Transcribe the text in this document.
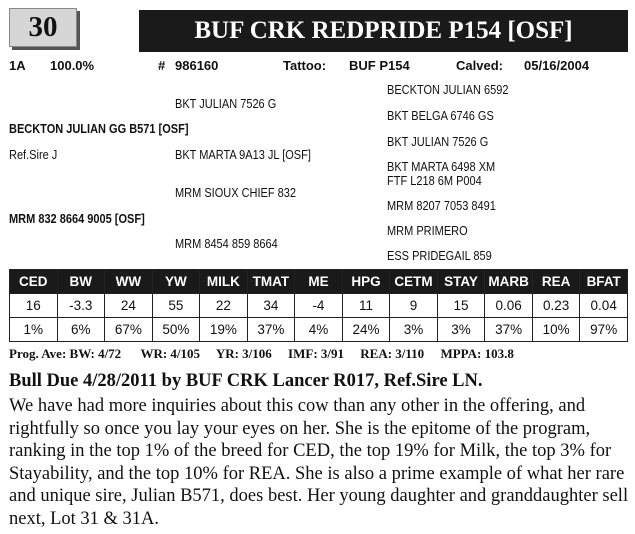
30	BUF CRK REDPRIDE P154 [OSF]
1A 100.0%	# 986160	Tattoo: BUF P154	Calved: 05/16/2004
BECKTON JULIAN 6592
BKT JULIAN 7526 G
BKT BELGA 6746 GS
BECKTON JULIAN GG B571 [OSF]
BKT JULIAN 7526 G
Ref.Sire J	BKT MARTA 9A13 JL [OSF]
BKT MARTA 6498 XM
FTF L218 6M P004
MRM SIOUX CHIEF 832
MRM 8207 7053 8491
MRM 832 8664 9005 [OSF]
MRM PRIMERO
MRM 8454 859 8664
ESS PRIDEGAIL 859
CED	BW	WW	YW	MILK	TMAT	ME	HPG	CETM	STAY	MARB	REA	BFAT
16	-3.3	24	55	22	34	-4	11	9	15	0.06	0.23	0.04
1%	6%	67%	50%	19%	37%	4%	24%	3%	3%	37%	10%	97%
Prog. Ave: BW: 4/72 WR: 4/105 YR: 3/106 IMF: 3/91 REA: 3/110 MPPA: 103.8
Bull Due 4/28/2011 by BUF CRK Lancer R017, Ref.Sire LN.
We have had more inquiries about this cow than any other in the offering, and rightfully so once you lay your eyes on her. She is the epitome of the program, ranking in the top 1% of the breed for CED, the top 19% for Milk, the top 3% for Stayability, and the top 10% for REA. She is also a prime example of what her rare and unique sire, Julian B571, does best. Her young daughter and granddaughter sell next, Lot 31 & 31A.
